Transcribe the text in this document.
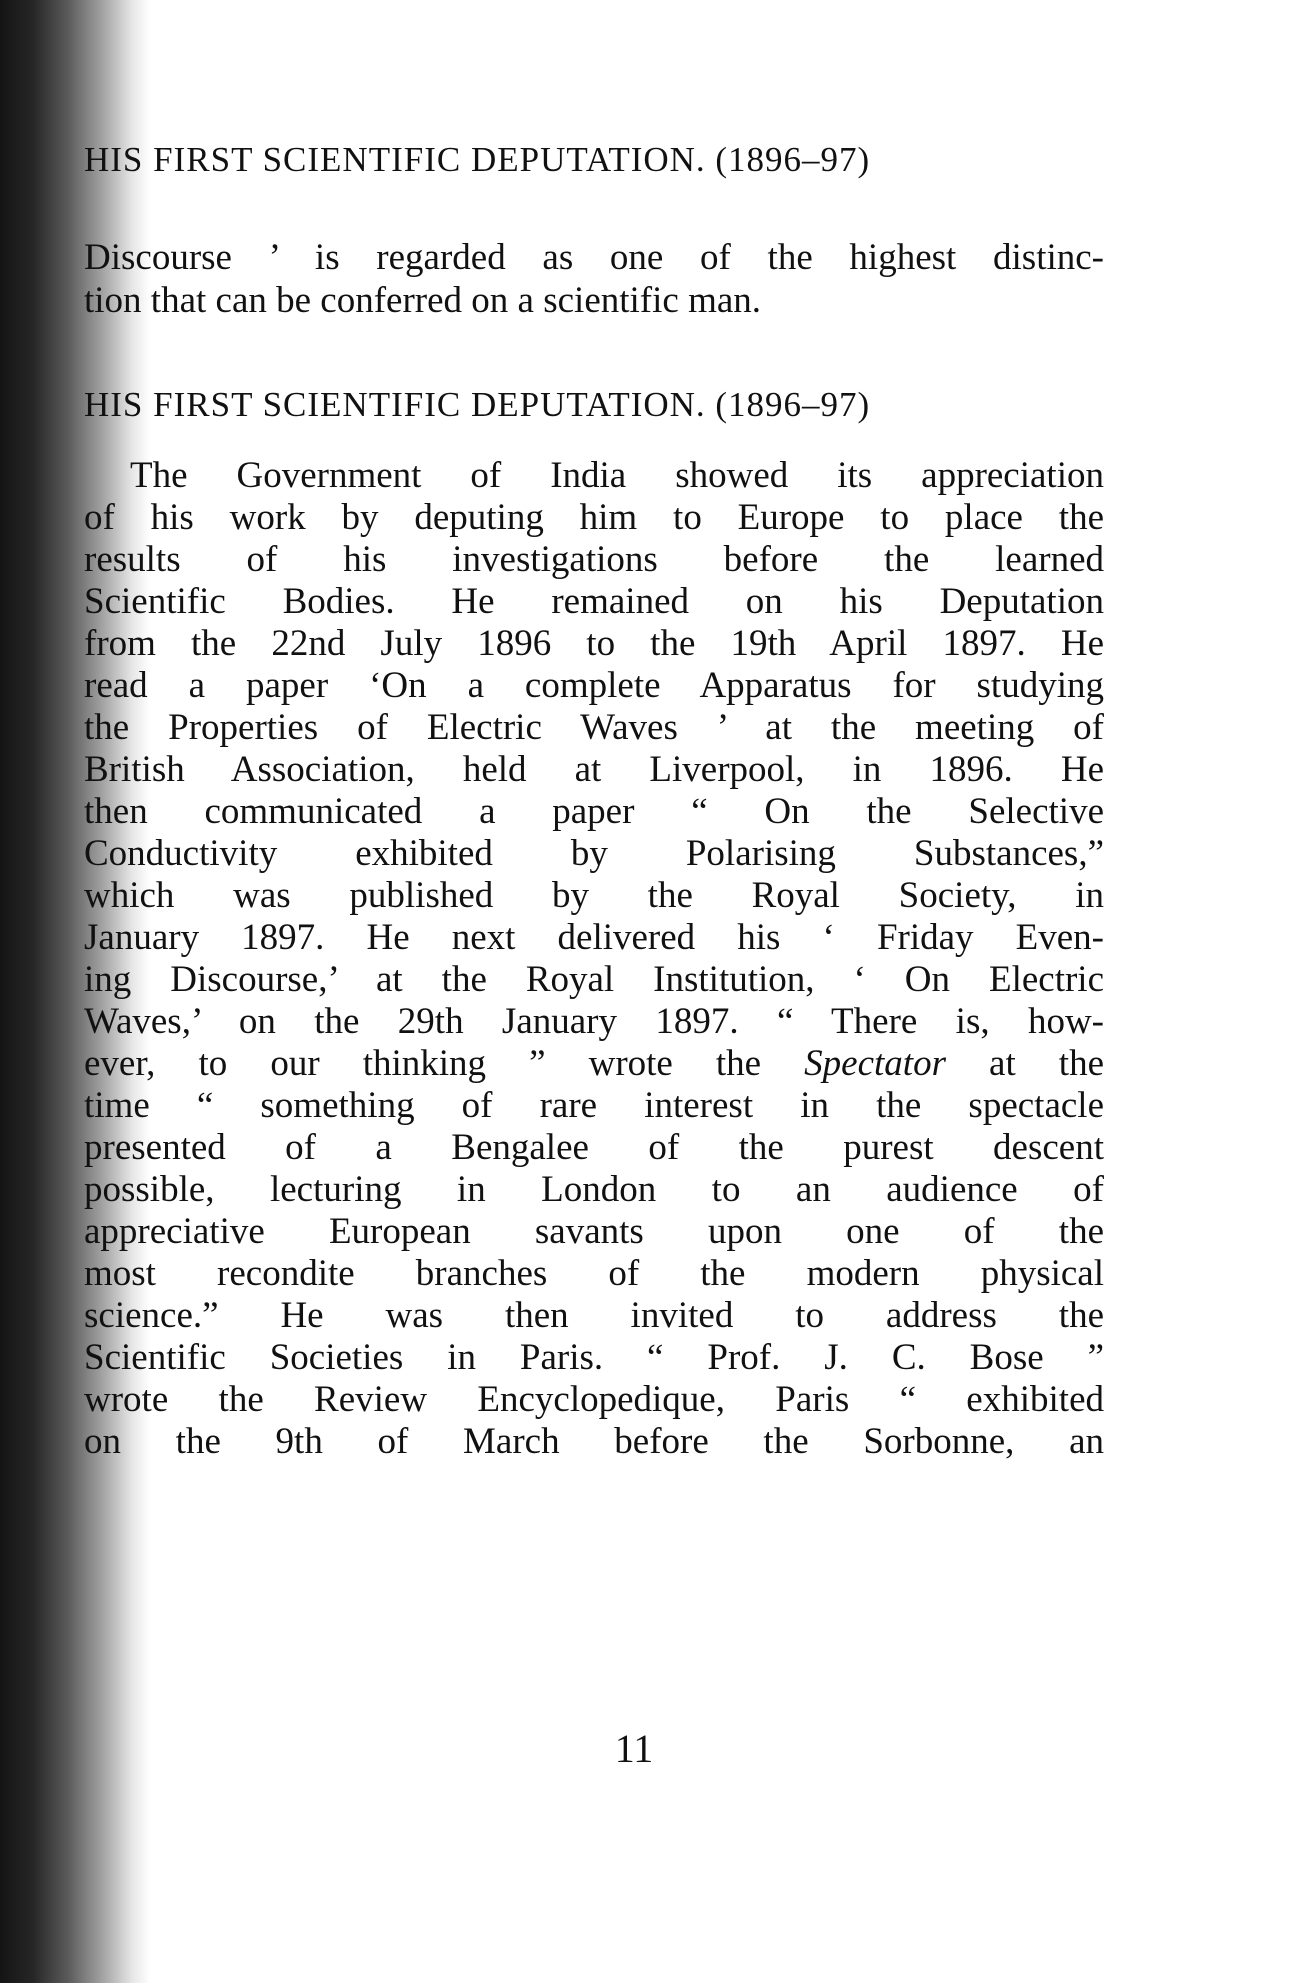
HIS FIRST SCIENTIFIC DEPUTATION. (1896–97)
Discourse ’ is regarded as one of the highest distinc-
tion that can be conferred on a scientific man.
HIS FIRST SCIENTIFIC DEPUTATION. (1896–97)
The Government of India showed its appreciation
of his work by deputing him to Europe to place the
results of his investigations before the learned
Scientific Bodies. He remained on his Deputation
from the 22nd July 1896 to the 19th April 1897. He
read a paper ‘On a complete Apparatus for studying
the Properties of Electric Waves ’ at the meeting of
British Association, held at Liverpool, in 1896. He
then communicated a paper “ On the Selective
Conductivity exhibited by Polarising Substances,”
which was published by the Royal Society, in
January 1897. He next delivered his ‘ Friday Even-
ing Discourse,’ at the Royal Institution, ‘ On Electric
Waves,’ on the 29th January 1897. “ There is, how-
ever, to our thinking ” wrote the Spectator at the
time “ something of rare interest in the spectacle
presented of a Bengalee of the purest descent
possible, lecturing in London to an audience of
appreciative European savants upon one of the
most recondite branches of the modern physical
science.” He was then invited to address the
Scientific Societies in Paris. “ Prof. J. C. Bose ”
wrote the Review Encyclopedique, Paris “ exhibited
on the 9th of March before the Sorbonne, an
11
